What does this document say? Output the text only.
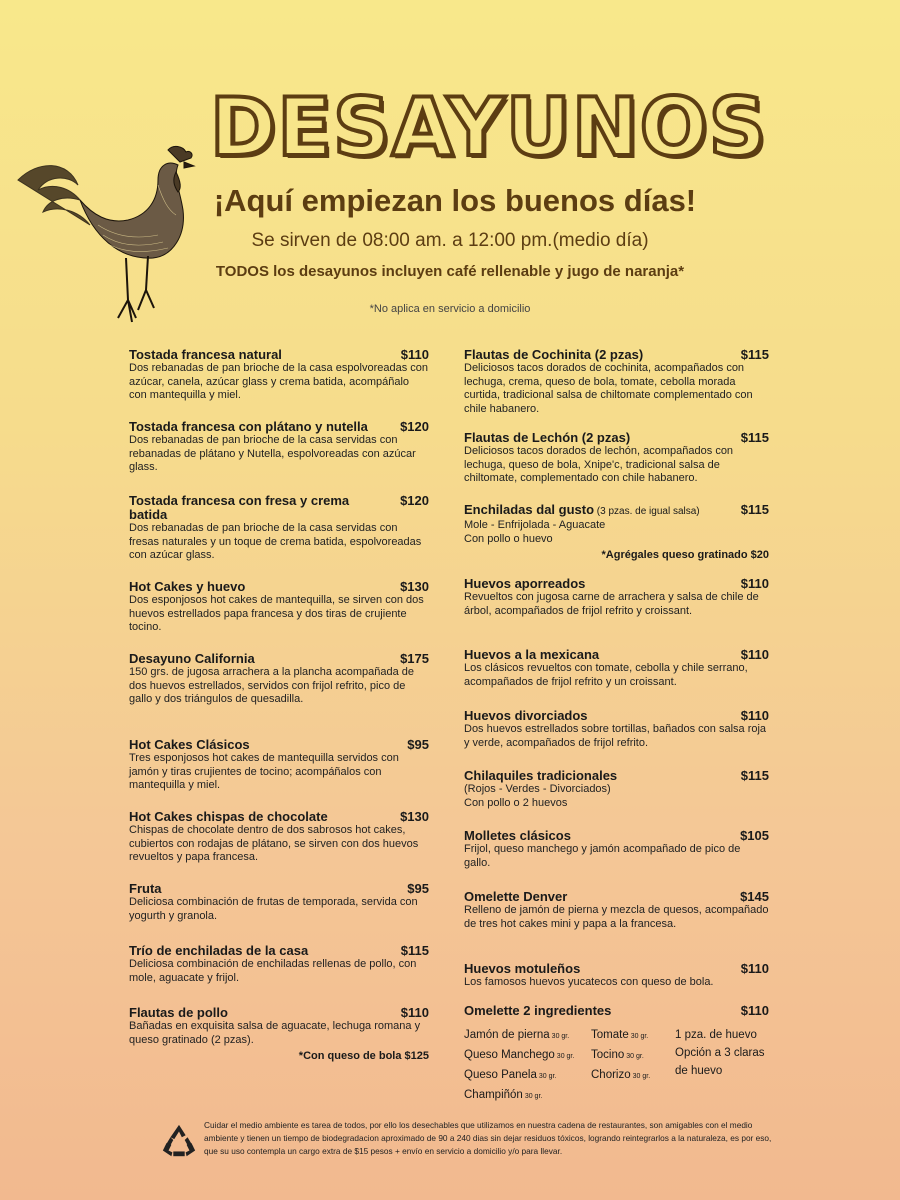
DESAYUNOS
¡Aquí empiezan los buenos días!
Se sirven de 08:00 am. a 12:00 pm.(medio día)
TODOS los desayunos incluyen café rellenable y jugo de naranja*
*No aplica en servicio a domicilio
Tostada francesa natural	$110
Dos rebanadas de pan brioche de la casa espolvoreadas con azúcar, canela, azúcar glass y crema batida, acompáñalo con mantequilla y miel.
Tostada francesa con plátano y nutella $120
Dos rebanadas de pan brioche de la casa servidas con rebanadas de plátano y Nutella, espolvoreadas con azúcar glass.
Tostada francesa con fresa y crema batida
$120
Dos rebanadas de pan brioche de la casa servidas con fresas naturales y un toque de crema batida, espolvoreadas con azúcar glass.
Hot Cakes y huevo	$130
Dos esponjosos hot cakes de mantequilla, se sirven con dos huevos estrellados papa francesa y dos tiras de crujiente tocino.
Desayuno California	$175
150 grs. de jugosa arrachera a la plancha acompañada de dos huevos estrellados, servidos con frijol refrito, pico de gallo y dos triángulos de quesadilla.
Hot Cakes Clásicos	$95
Tres esponjosos hot cakes de mantequilla servidos con jamón y tiras crujientes de tocino; acompáñalos con mantequilla y miel.
Hot Cakes chispas de chocolate	$130
Chispas de chocolate dentro de dos sabrosos hot cakes, cubiertos con rodajas de plátano, se sirven con dos huevos revueltos y papa francesa.
Fruta	$95
Deliciosa combinación de frutas de temporada, servida con yogurth y granola.
Trío de enchiladas de la casa	$115
Deliciosa combinación de enchiladas rellenas de pollo, con mole, aguacate y frijol.
Flautas de pollo	$110
Bañadas en exquisita salsa de aguacate, lechuga romana y queso gratinado (2 pzas).
*Con queso de bola $125
Jamón de pierna 30 gr.
Queso Manchego 30 gr.
Queso Panela 30 gr.
Champiñón 30 gr.
Tomate 30 gr.
Tocino 30 gr.
Chorizo 30 gr.
1 pza. de huevo
Opción a 3 claras
de huevo
Flautas de Cochinita (2 pzas)	$115
Deliciosos tacos dorados de cochinita, acompañados con lechuga, crema, queso de bola, tomate, cebolla morada curtida, tradicional salsa de chiltomate complementado con chile habanero.
Flautas de Lechón (2 pzas)	$115
Deliciosos tacos dorados de lechón, acompañados con lechuga, queso de bola, Xnipe'c, tradicional salsa de chiltomate, complementado con chile habanero.
Enchiladas dal gusto (3 pzas. de igual salsa)	$115
Mole - Enfrijolada - Aguacate
Con pollo o huevo
*Agrégales queso gratinado $20
Huevos aporreados	$110
Revueltos con jugosa carne de arrachera y salsa de chile de árbol, acompañados de frijol refrito y croissant.
Huevos a la mexicana	$110
Los clásicos revueltos con tomate, cebolla y chile serrano, acompañados de frijol refrito y un croissant.
Huevos divorciados	$110
Dos huevos estrellados sobre tortillas, bañados con salsa roja y verde, acompañados de frijol refrito.
Chilaquiles tradicionales	$115
(Rojos - Verdes - Divorciados)
Con pollo o 2 huevos
Molletes clásicos	$105
Frijol, queso manchego y jamón acompañado de pico de gallo.
Omelette Denver	$145
Relleno de jamón de pierna y mezcla de quesos, acompañado de tres hot cakes mini y papa a la francesa.
Huevos motuleños	$110
Los famosos huevos yucatecos con queso de bola.
Omelette 2 ingredientes	$110
Cuidar el medio ambiente es tarea de todos, por ello los desechables que utilizamos en nuestra cadena de restaurantes, son amigables con el medio ambiente y tienen un tiempo de biodegradacion aproximado de 90 a 240 dias sin dejar residuos tóxicos, logrando reintegrarlos a la naturaleza, es por eso, que su uso contempla un cargo extra de $15 pesos + envío en servicio a domicilio y/o para llevar.
